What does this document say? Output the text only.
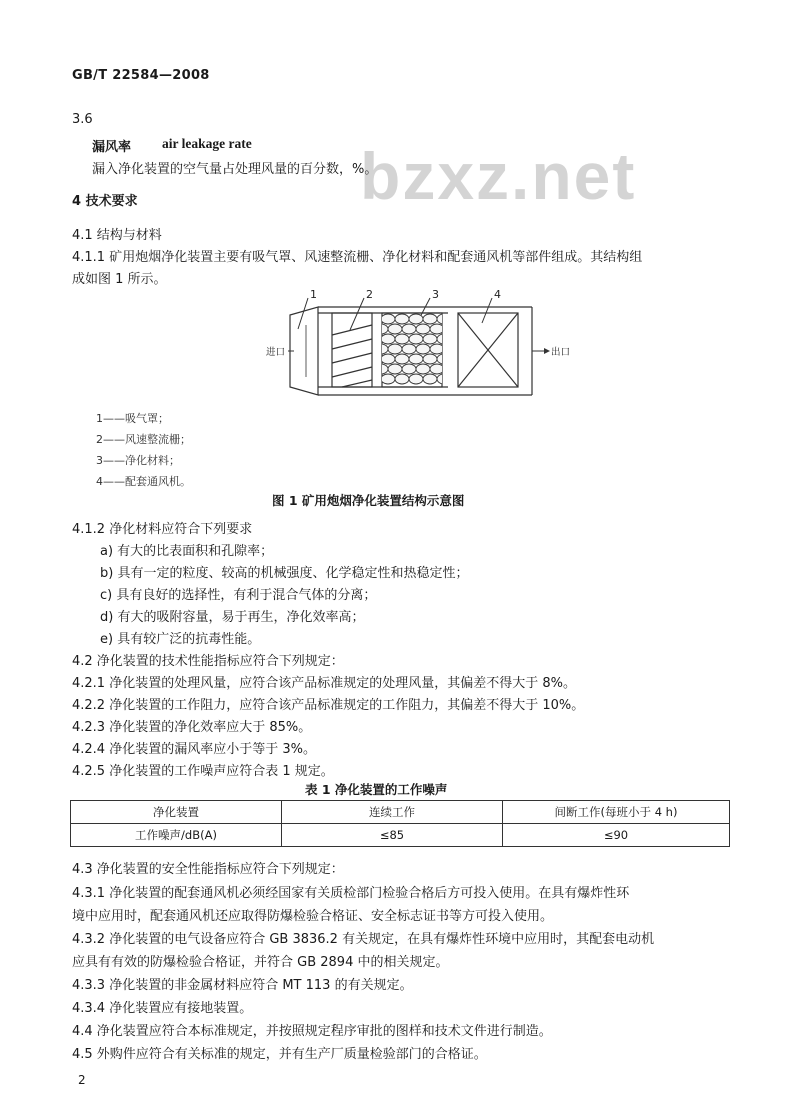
GB/T 22584—2008
bzxz.net
3.6
漏风率 air leakage rate
漏入净化装置的空气量占处理风量的百分数，%。
4 技术要求
4.1 结构与材料
4.1.1 矿用炮烟净化装置主要有吸气罩、风速整流栅、净化材料和配套通风机等部件组成。其结构组
成如图 1 所示。
1	2	3	4
进口	出口
1——吸气罩；
2——风速整流栅；
3——净化材料；
4——配套通风机。
图 1 矿用炮烟净化装置结构示意图
4.1.2 净化材料应符合下列要求
a) 有大的比表面积和孔隙率；
b) 具有一定的粒度、较高的机械强度、化学稳定性和热稳定性；
c) 具有良好的选择性，有利于混合气体的分离；
d) 有大的吸附容量，易于再生，净化效率高；
e) 具有较广泛的抗毒性能。
4.2 净化装置的技术性能指标应符合下列规定：
4.2.1 净化装置的处理风量，应符合该产品标准规定的处理风量，其偏差不得大于 8%。
4.2.2 净化装置的工作阻力，应符合该产品标准规定的工作阻力，其偏差不得大于 10%。
4.2.3 净化装置的净化效率应大于 85%。
4.2.4 净化装置的漏风率应小于等于 3%。
4.2.5 净化装置的工作噪声应符合表 1 规定。
表 1 净化装置的工作噪声
净化装置	连续工作	间断工作(每班小于 4 h)
工作噪声/dB(A)	≤85	≤90
4.3 净化装置的安全性能指标应符合下列规定：
4.3.1 净化装置的配套通风机必须经国家有关质检部门检验合格后方可投入使用。在具有爆炸性环
境中应用时，配套通风机还应取得防爆检验合格证、安全标志证书等方可投入使用。
4.3.2 净化装置的电气设备应符合 GB 3836.2 有关规定，在具有爆炸性环境中应用时，其配套电动机
应具有有效的防爆检验合格证，并符合 GB 2894 中的相关规定。
4.3.3 净化装置的非金属材料应符合 MT 113 的有关规定。
4.3.4 净化装置应有接地装置。
4.4 净化装置应符合本标准规定，并按照规定程序审批的图样和技术文件进行制造。
4.5 外购件应符合有关标准的规定，并有生产厂质量检验部门的合格证。
2
